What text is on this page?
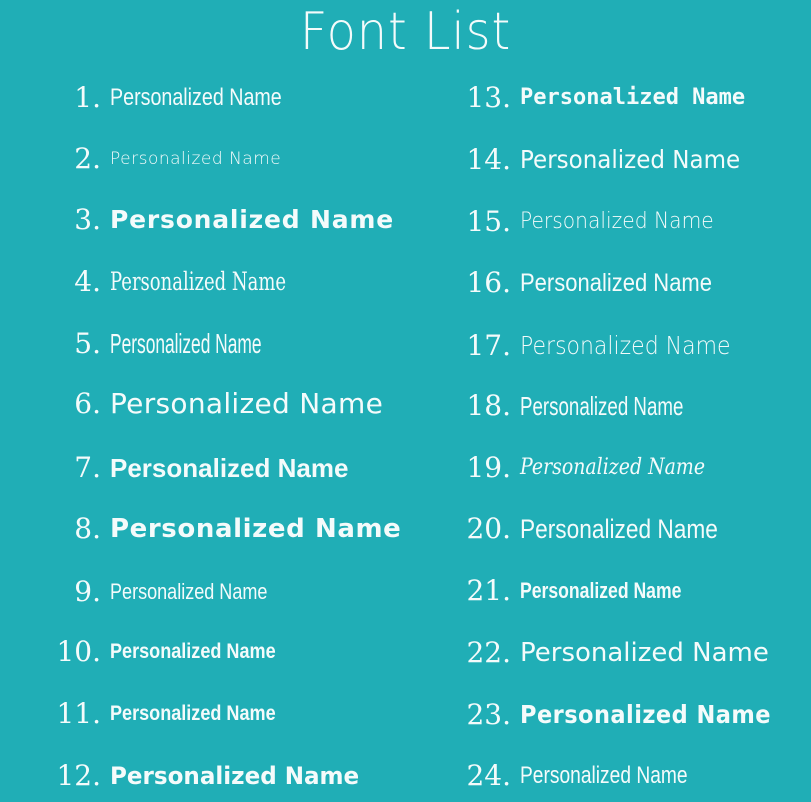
Font List
1. Personalized Name
2. Personalized Name
3. Personalized Name
4. Personalized Name
5. Personalized Name
6. Personalized Name
7. Personalized Name
8. Personalized Name
9. Personalized Name
10. Personalized Name
11. Personalized Name
12. Personalized Name
13. Personalized Name
14. Personalized Name
15. Personalized Name
16. Personalized Name
17. Personalized Name
18. Personalized Name
19. Personalized Name
20. Personalized Name
21. Personalized Name
22. Personalized Name
23. Personalized Name
24. Personalized Name
